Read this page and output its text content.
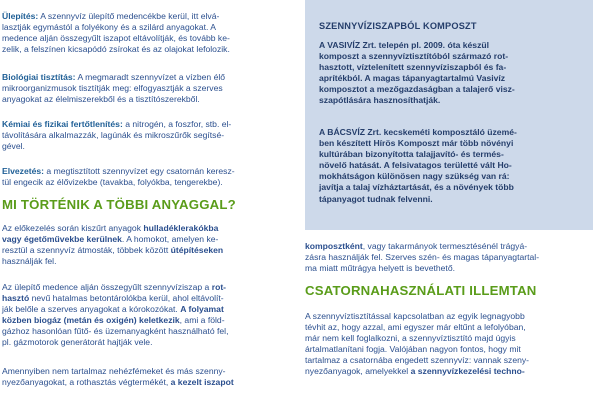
Ülepítés: A szennyvíz ülepítő medencékbe kerül, itt elvá-
lasztják egymástól a folyékony és a szilárd anyagokat. A
medence alján összegyűlt iszapot eltávolítják, és tovább ke-
zelik, a felszínen kicsapódó zsírokat és az olajokat lefolozik.

Biológiai tisztítás: A megmaradt szennyvízet a vízben élő
mikroorganizmusok tisztítják meg: elfogyasztják a szerves
anyagokat az élelmiszerekből és a tisztítószerekből.

Kémiai és fizikai fertőtlenítés: a nitrogén, a foszfor, stb. el-
távolítására alkalmazzák, lagúnák és mikroszűrők segítsé-
gével.

Elvezetés: a megtisztított szennyvízet egy csatornán keresz-
tül engecik az élővizekbe (tavakba, folyókba, tengerekbe).

MI TÖRTÉNIK A TÖBBI ANYAGGAL?

Az előkezelés során kiszűrt anyagok hulladéklerakókba
vagy égetőművekbe kerülnek. A homokot, amelyen ke-
resztül a szennyvíz átmosták, többek között útépítéseken
használják fel.

Az ülepítő medence alján összegyűlt szennyvíziszap a rot-
hasztó nevű hatalmas betontárolókba kerül, ahol eltávolít-
ják belőle a szerves anyagokat a kórokozókat. A folyamat
közben biogáz (metán és oxigén) keletkezik, ami a föld-
gázhoz hasonlóan fűtő- és üzemanyagként használható fel,
pl. gázmotorok generátorát hajtják vele.

Amennyiben nem tartalmaz nehézfémeket és más szenny-
nyezőanyagokat, a rothasztás végtermékét, a kezelt iszapot

SZENNYVÍZISZAPBÓL KOMPOSZT

A VASIVÍZ Zrt. telepén pl. 2009. óta készül
komposzt a szennyvíztisztítóból származó rot-
hasztott, víztelenített szennyvíziszapból és fa-
aprítékból. A magas tápanyagtartalmú Vasivíz
komposztot a mezőgazdaságban a talajerő visz-
szapótlására hasznosíthatják.

A BÁCSVÍZ Zrt. kecskeméti komposztáló üzemé-
ben készített Hírös Komposzt már több növényi
kultúrában bizonyította talajjavító- és termés-
növelő hatását. A felsivatagos területté vált Ho-
mokhátságon különösen nagy szükség van rá:
javítja a talaj vízháztartását, és a növények több
tápanyagot tudnak felvenni.

komposztként, vagy takarmányok termesztésénél trágyá-
zásra használják fel. Szerves szén- és magas tápanyagtartal-
ma miatt műtrágya helyett is bevethető.

CSATORNAHASZNÁLATI ILLEMTAN

A szennyvíztisztítással kapcsolatban az egyik legnagyobb
tévhit az, hogy azzal, ami egyszer már eltűnt a lefolyóban,
már nem kell foglalkozni, a szennyvíztisztító majd úgyis
ártalmatlanítani fogja. Valójában nagyon fontos, hogy mit
tartalmaz a csatornába engedett szennyvíz: vannak szeny-
nyezőanyagok, amelyekkel a szennyvízkezelési techno-
